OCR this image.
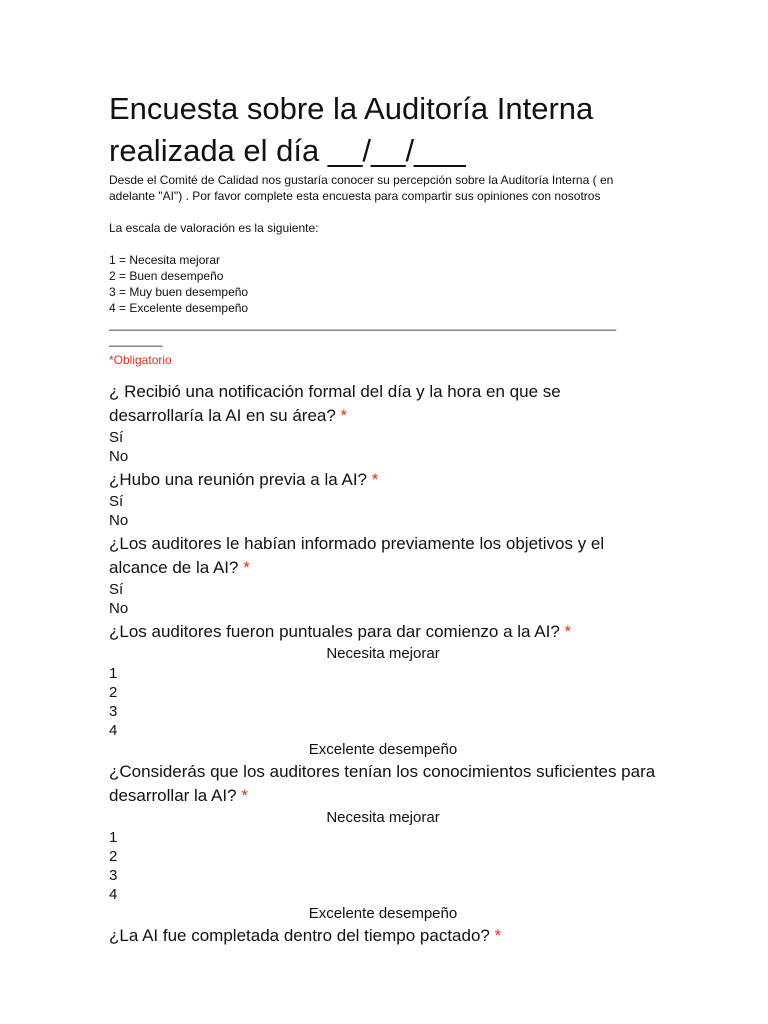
Encuesta sobre la Auditoría Interna realizada el día __/__/___
Desde el Comité de Calidad nos gustaría conocer su percepción sobre la Auditoría Interna ( en adelante "AI") . Por favor complete esta encuesta para compartir sus opiniones con nosotros
La escala de valoración es la siguiente:
1 = Necesita mejorar
2 = Buen desempeño
3 = Muy buen desempeño
4 = Excelente desempeño
____________________________________________________________________________
________
*Obligatorio

¿ Recibió una notificación formal del día y la hora en que se desarrollaría la AI en su área? *

Sí
No

¿Hubo una reunión previa a la AI? *

Sí
No

¿Los auditores le habían informado previamente los objetivos y el alcance de la AI? *

Sí
No

¿Los auditores fueron puntuales para dar comienzo a la AI? *

Necesita mejorar
1
2
3
4
Excelente desempeño

¿Considerás que los auditores tenían los conocimientos suficientes para desarrollar la AI? *

Necesita mejorar
1
2
3
4
Excelente desempeño

¿La AI fue completada dentro del tiempo pactado? *
